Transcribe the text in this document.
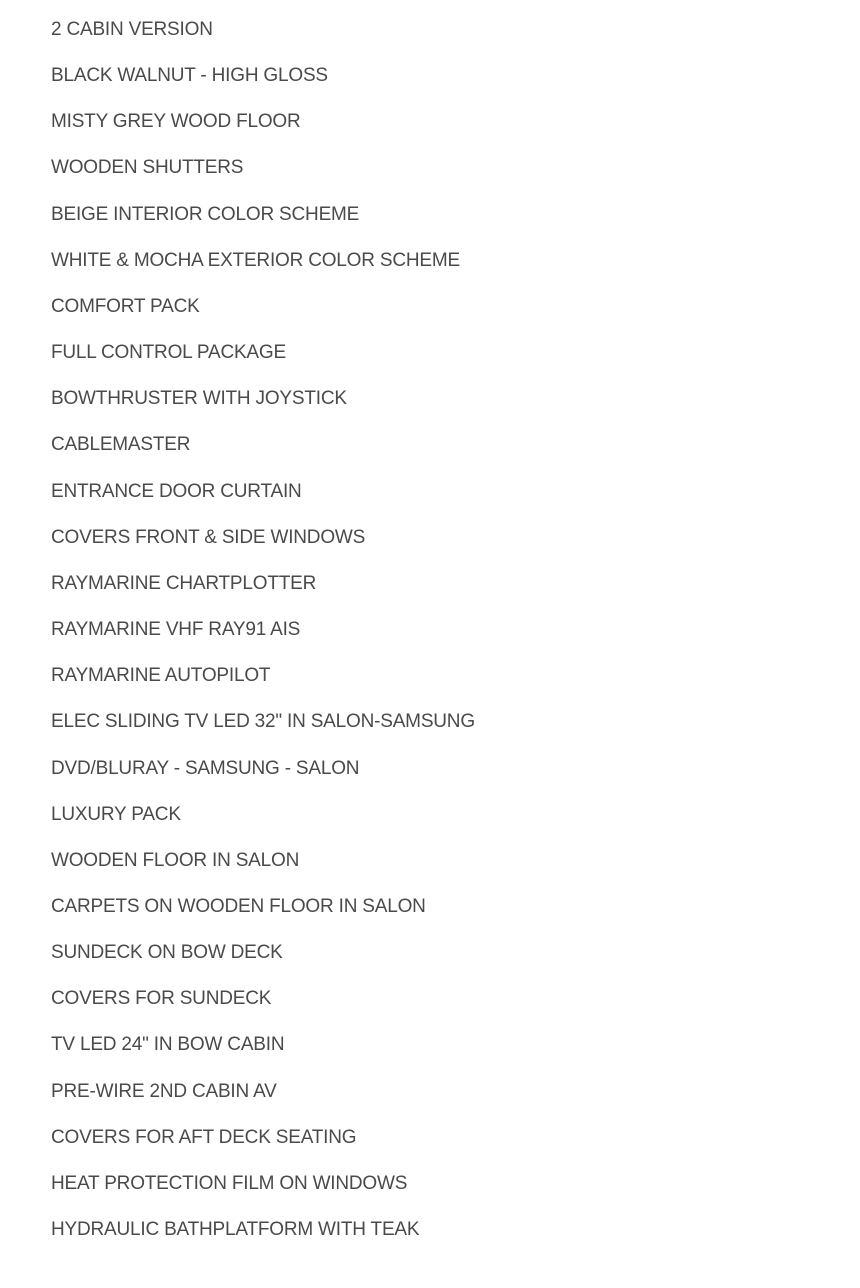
2 CABIN VERSION
BLACK WALNUT - HIGH GLOSS
MISTY GREY WOOD FLOOR
WOODEN SHUTTERS
BEIGE INTERIOR COLOR SCHEME
WHITE & MOCHA EXTERIOR COLOR SCHEME
COMFORT PACK
FULL CONTROL PACKAGE
BOWTHRUSTER WITH JOYSTICK
CABLEMASTER
ENTRANCE DOOR CURTAIN
COVERS FRONT & SIDE WINDOWS
RAYMARINE CHARTPLOTTER
RAYMARINE VHF RAY91 AIS
RAYMARINE AUTOPILOT
ELEC SLIDING TV LED 32" IN SALON-SAMSUNG
DVD/BLURAY - SAMSUNG - SALON
LUXURY PACK
WOODEN FLOOR IN SALON
CARPETS ON WOODEN FLOOR IN SALON
SUNDECK ON BOW DECK
COVERS FOR SUNDECK
TV LED 24" IN BOW CABIN
PRE-WIRE 2ND CABIN AV
COVERS FOR AFT DECK SEATING
HEAT PROTECTION FILM ON WINDOWS
HYDRAULIC BATHPLATFORM WITH TEAK
